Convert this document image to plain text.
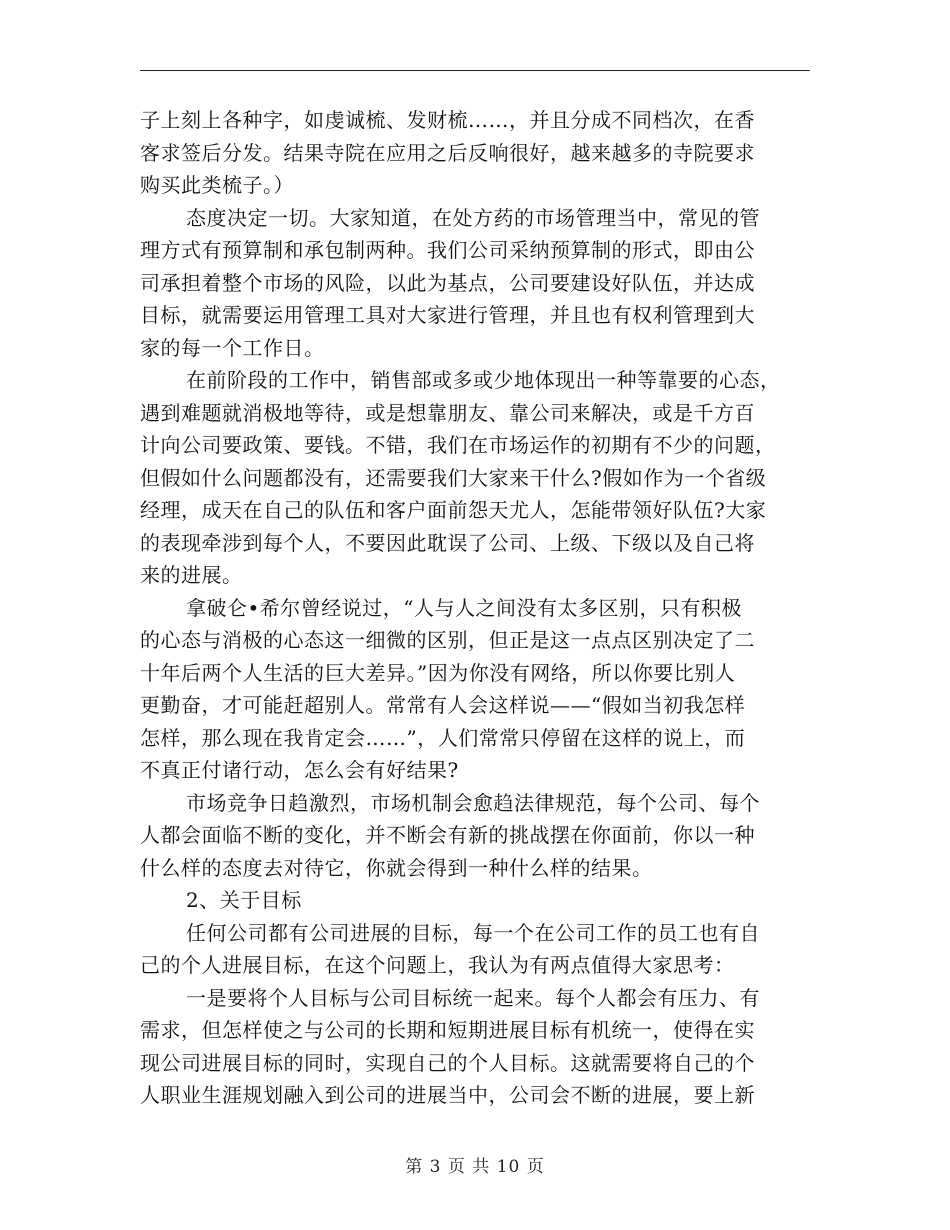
子上刻上各种字，如虔诚梳、发财梳……，并且分成不同档次，在香
客求签后分发。结果寺院在应用之后反响很好，越来越多的寺院要求
购买此类梳子。）
态度决定一切。大家知道，在处方药的市场管理当中，常见的管
理方式有预算制和承包制两种。我们公司采纳预算制的形式，即由公
司承担着整个市场的风险，以此为基点，公司要建设好队伍，并达成
目标，就需要运用管理工具对大家进行管理，并且也有权利管理到大
家的每一个工作日。
在前阶段的工作中，销售部或多或少地体现出一种等靠要的心态，
遇到难题就消极地等待，或是想靠朋友、靠公司来解决，或是千方百
计向公司要政策、要钱。不错，我们在市场运作的初期有不少的问题，
但假如什么问题都没有，还需要我们大家来干什么?假如作为一个省级
经理，成天在自己的队伍和客户面前怨天尤人，怎能带领好队伍?大家
的表现牵涉到每个人，不要因此耽误了公司、上级、下级以及自己将
来的进展。
拿破仑•希尔曾经说过，“人与人之间没有太多区别，只有积极
的心态与消极的心态这一细微的区别，但正是这一点点区别决定了二
十年后两个人生活的巨大差异。”因为你没有网络，所以你要比别人
更勤奋，才可能赶超别人。常常有人会这样说——“假如当初我怎样
怎样，那么现在我肯定会……”，人们常常只停留在这样的说上，而
不真正付诸行动，怎么会有好结果?
市场竞争日趋激烈，市场机制会愈趋法律规范，每个公司、每个
人都会面临不断的变化，并不断会有新的挑战摆在你面前，你以一种
什么样的态度去对待它，你就会得到一种什么样的结果。
2、关于目标
任何公司都有公司进展的目标，每一个在公司工作的员工也有自
己的个人进展目标，在这个问题上，我认为有两点值得大家思考：
一是要将个人目标与公司目标统一起来。每个人都会有压力、有
需求，但怎样使之与公司的长期和短期进展目标有机统一，使得在实
现公司进展目标的同时，实现自己的个人目标。这就需要将自己的个
人职业生涯规划融入到公司的进展当中，公司会不断的进展，要上新
第 3 页 共 10 页
